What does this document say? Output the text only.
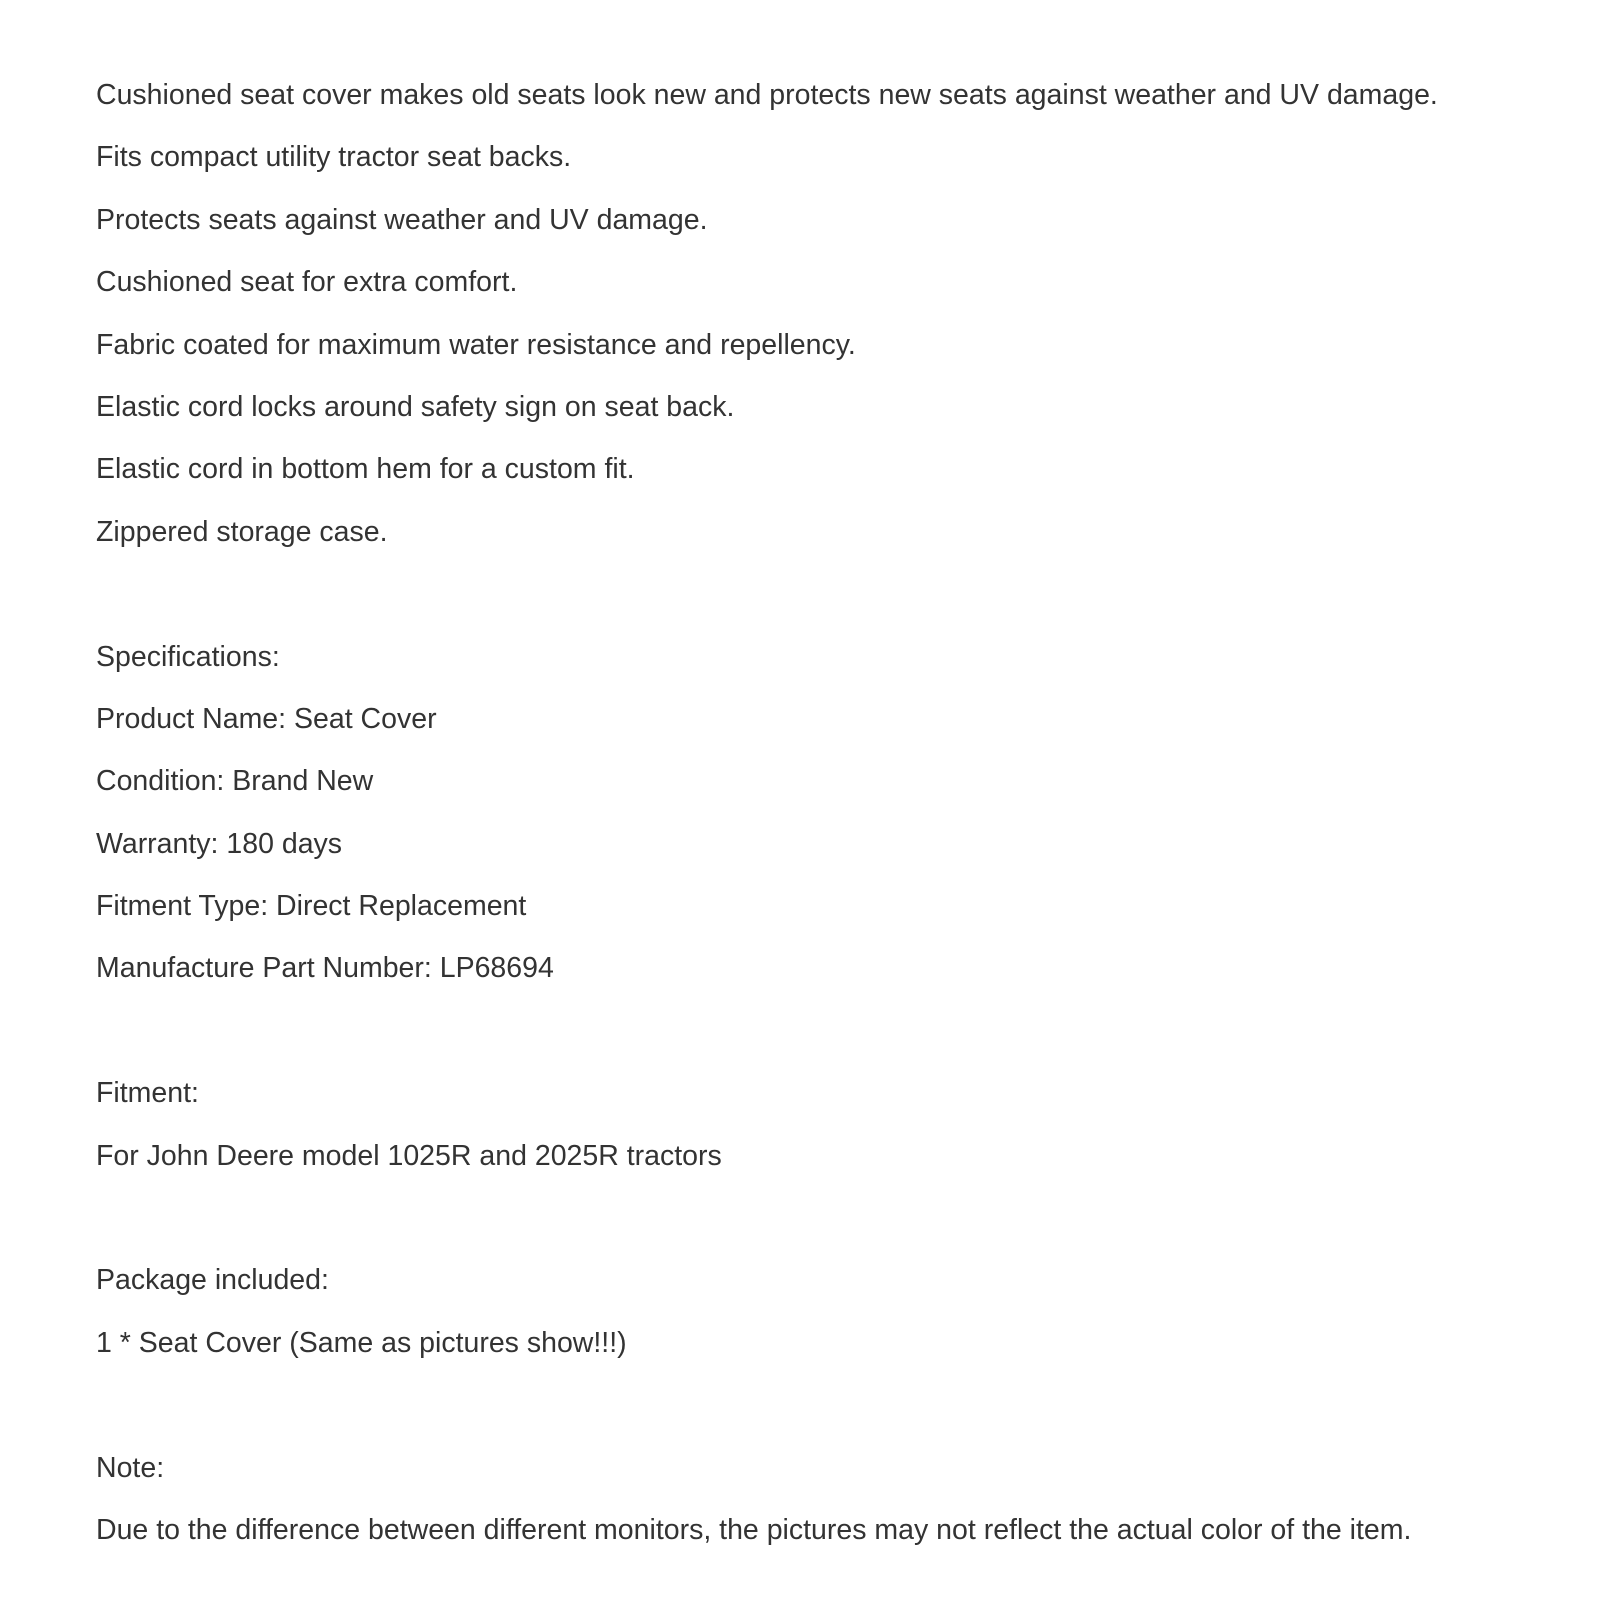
Cushioned seat cover makes old seats look new and protects new seats against weather and UV damage.
Fits compact utility tractor seat backs.
Protects seats against weather and UV damage.
Cushioned seat for extra comfort.
Fabric coated for maximum water resistance and repellency.
Elastic cord locks around safety sign on seat back.
Elastic cord in bottom hem for a custom fit.
Zippered storage case.
Specifications:
Product Name: Seat Cover
Condition: Brand New
Warranty: 180 days
Fitment Type: Direct Replacement
Manufacture Part Number: LP68694
Fitment:
For John Deere model 1025R and 2025R tractors
Package included:
1 * Seat Cover (Same as pictures show!!!)
Note:
Due to the difference between different monitors, the pictures may not reflect the actual color of the item.
